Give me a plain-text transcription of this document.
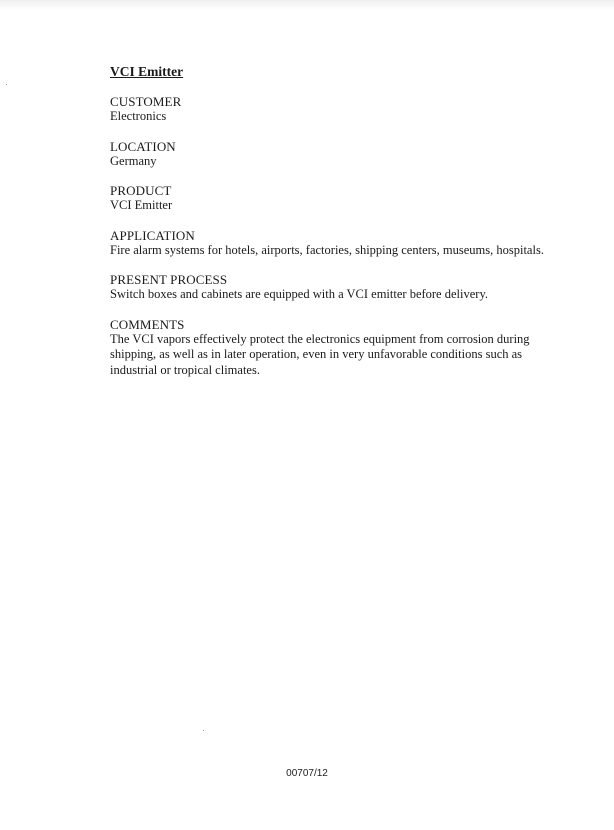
VCI Emitter
CUSTOMER
Electronics
LOCATION
Germany
PRODUCT
VCI Emitter
APPLICATION
Fire alarm systems for hotels, airports, factories, shipping centers, museums, hospitals.
PRESENT PROCESS
Switch boxes and cabinets are equipped with a VCI emitter before delivery.
COMMENTS
The VCI vapors effectively protect the electronics equipment from corrosion during shipping, as well as in later operation, even in very unfavorable conditions such as industrial or tropical climates.
00707/12
